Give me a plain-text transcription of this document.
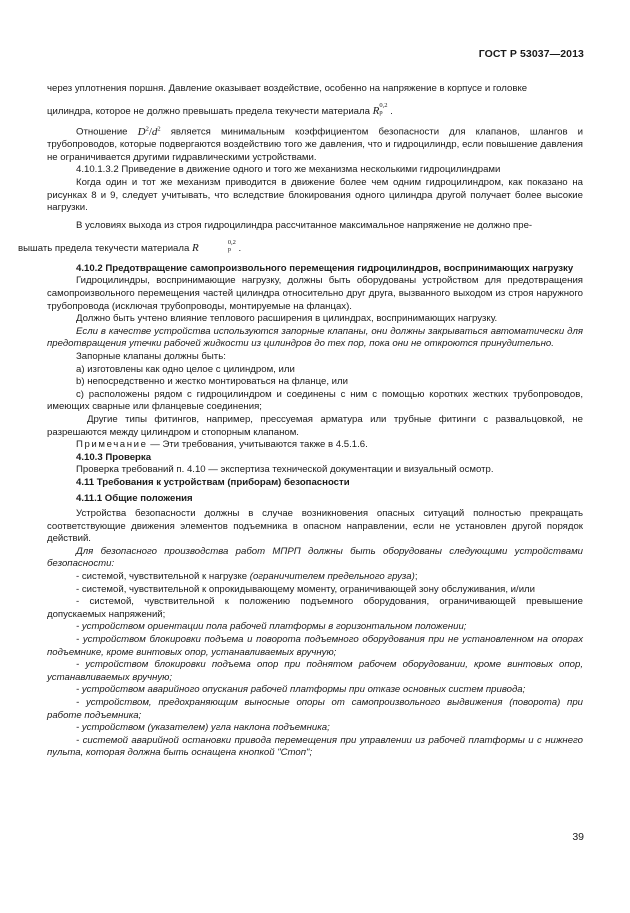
ГОСТ Р 53037—2013

через уплотнения поршня. Давление оказывает воздействие, особенно на напряжение в корпусе и головке
цилиндра, которое не должно превышать предела текучести материала R 0,2
p .

Отношение $D^2/d^2$ является минимальным коэффициентом безопасности для клапанов, шлангов и трубопроводов, которые подвергаются воздействию того же давления, что и гидроцилиндр, если повышение давления не ограничивается другими гидравлическими устройствами.

4.10.1.3.2 Приведение в движение одного и того же механизма несколькими гидроцилиндрами

Когда один и тот же механизм приводится в движение более чем одним гидроцилиндром, как показано на рисунках 8 и 9, следует учитывать, что вследствие блокирования одного цилиндра другой получает более высокие нагрузки.

В условиях выхода из строя гидроцилиндра рассчитанное максимальное напряжение не должно пре-
вышать предела текучести материала R	0,2
p .

4.10.2 Предотвращение самопроизвольного перемещения гидроцилиндров, воспринимающих нагрузку

Гидроцилиндры, воспринимающие нагрузку, должны быть оборудованы устройством для предотвращения самопроизвольного перемещения частей цилиндра относительно друг друга, вызванного выходом из строя наружного трубопровода (исключая трубопроводы, монтируемые на фланцах).

Должно быть учтено влияние теплового расширения в цилиндрах, воспринимающих нагрузку.

Если в качестве устройства используются запорные клапаны, они должны закрываться автоматически для предотвращения утечки рабочей жидкости из цилиндров до тех пор, пока они не откроются принудительно.

Запорные клапаны должны быть:

a) изготовлены как одно целое с цилиндром, или

b) непосредственно и жестко монтироваться на фланце, или

c) расположены рядом с гидроцилиндром и соединены с ним с помощью коротких жестких трубопроводов, имеющих сварные или фланцевые соединения;

Другие типы фитингов, например, прессуемая арматура или трубные фитинги с развальцовкой, не разрешаются между цилиндром и стопорным клапаном.

Примечание — Эти требования, учитываются также в 4.5.1.6.

4.10.3 Проверка

Проверка требований п. 4.10 — экспертиза технической документации и визуальный осмотр.

4.11 Требования к устройствам (приборам) безопасности

4.11.1 Общие положения

Устройства безопасности должны в случае возникновения опасных ситуаций полностью прекращать соответствующие движения элементов подъемника в опасном направлении, если не установлен другой порядок действий.

Для безопасного производства работ МПРП должны быть оборудованы следующими устройствами безопасности:

- системой, чувствительной к нагрузке (ограничителем предельного груза);

- системой, чувствительной к опрокидывающему моменту, ограничивающей зону обслуживания, и/или

- системой, чувствительной к положению подъемного оборудования, ограничивающей превышение допускаемых напряжений;

- устройством ориентации пола рабочей платформы в горизонтальном положении;

- устройством блокировки подъема и поворота подъемного оборудования при не установленном на опорах подъемнике, кроме винтовых опор, устанавливаемых вручную;

- устройством блокировки подъема опор при поднятом рабочем оборудовании, кроме винтовых опор, устанавливаемых вручную;

- устройством аварийного опускания рабочей платформы при отказе основных систем привода;

- устройством, предохраняющим выносные опоры от самопроизвольного выдвижения (поворота) при работе подъемника;

- устройством (указателем) угла наклона подъемника;

- системой аварийной остановки привода перемещения при управлении из рабочей платформы и с нижнего пульта, которая должна быть оснащена кнопкой "Стоп";

39
